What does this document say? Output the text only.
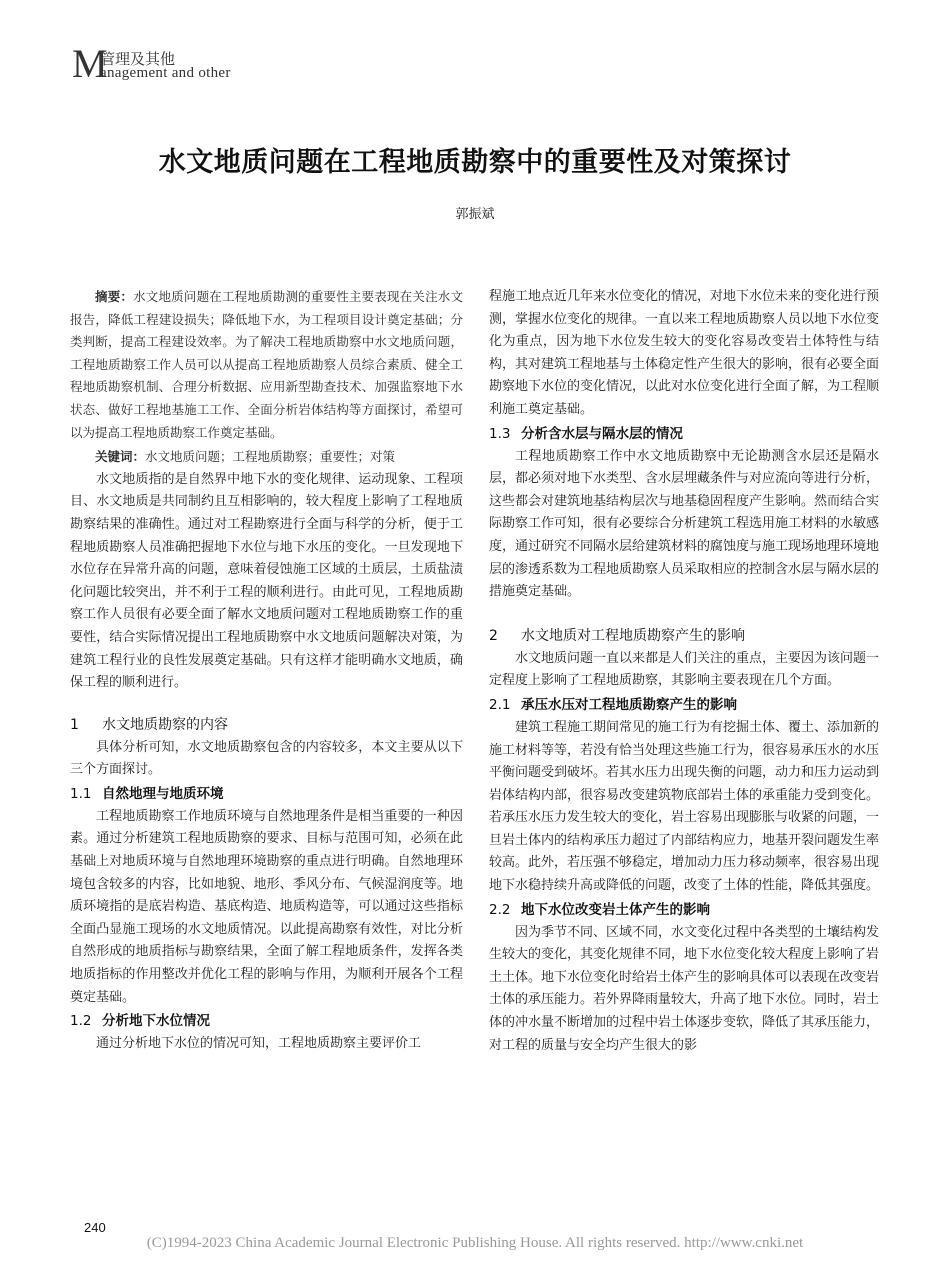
M
管理及其他
anagement and other
水文地质问题在工程地质勘察中的重要性及对策探讨
郭振斌

摘要：水文地质问题在工程地质勘测的重要性主要表现在关注水文报告，降低工程建设损失；降低地下水，为工程项目设计奠定基础；分类判断，提高工程建设效率。为了解决工程地质勘察中水文地质问题，工程地质勘察工作人员可以从提高工程地质勘察人员综合素质、健全工程地质勘察机制、合理分析数据、应用新型勘查技术、加强监察地下水状态、做好工程地基施工工作、全面分析岩体结构等方面探讨，希望可以为提高工程地质勘察工作奠定基础。

关键词：水文地质问题；工程地质勘察；重要性；对策

水文地质指的是自然界中地下水的变化规律、运动现象、工程项目、水文地质是共同制约且互相影响的，较大程度上影响了工程地质勘察结果的准确性。通过对工程勘察进行全面与科学的分析，便于工程地质勘察人员准确把握地下水位与地下水压的变化。一旦发现地下水位存在异常升高的问题，意味着侵蚀施工区域的土质层，土质盐渍化问题比较突出，并不利于工程的顺利进行。由此可见，工程地质勘察工作人员很有必要全面了解水文地质问题对工程地质勘察工作的重要性，结合实际情况提出工程地质勘察中水文地质问题解决对策，为建筑工程行业的良性发展奠定基础。只有这样才能明确水文地质，确保工程的顺利进行。

1 水文地质勘察的内容

具体分析可知，水文地质勘察包含的内容较多，本文主要从以下三个方面探讨。

1.1 自然地理与地质环境

工程地质勘察工作地质环境与自然地理条件是相当重要的一种因素。通过分析建筑工程地质勘察的要求、目标与范围可知，必须在此基础上对地质环境与自然地理环境勘察的重点进行明确。自然地理环境包含较多的内容，比如地貌、地形、季风分布、气候湿润度等。地质环境指的是底岩构造、基底构造、地质构造等，可以通过这些指标全面凸显施工现场的水文地质情况。以此提高勘察有效性，对比分析自然形成的地质指标与勘察结果，全面了解工程地质条件，发挥各类地质指标的作用整改并优化工程的影响与作用，为顺利开展各个工程奠定基础。

1.2 分析地下水位情况

通过分析地下水位的情况可知，工程地质勘察主要评价工

程施工地点近几年来水位变化的情况，对地下水位未来的变化进行预测，掌握水位变化的规律。一直以来工程地质勘察人员以地下水位变化为重点，因为地下水位发生较大的变化容易改变岩土体特性与结构，其对建筑工程地基与土体稳定性产生很大的影响，很有必要全面勘察地下水位的变化情况，以此对水位变化进行全面了解，为工程顺利施工奠定基础。

1.3 分析含水层与隔水层的情况

工程地质勘察工作中水文地质勘察中无论勘测含水层还是隔水层，都必须对地下水类型、含水层埋藏条件与对应流向等进行分析，这些都会对建筑地基结构层次与地基稳固程度产生影响。然而结合实际勘察工作可知，很有必要综合分析建筑工程选用施工材料的水敏感度，通过研究不同隔水层给建筑材料的腐蚀度与施工现场地理环境地层的渗透系数为工程地质勘察人员采取相应的控制含水层与隔水层的措施奠定基础。

2 水文地质对工程地质勘察产生的影响

水文地质问题一直以来都是人们关注的重点，主要因为该问题一定程度上影响了工程地质勘察，其影响主要表现在几个方面。

2.1 承压水压对工程地质勘察产生的影响

建筑工程施工期间常见的施工行为有挖掘土体、覆土、添加新的施工材料等等，若没有恰当处理这些施工行为，很容易承压水的水压平衡问题受到破坏。若其水压力出现失衡的问题，动力和压力运动到岩体结构内部，很容易改变建筑物底部岩土体的承重能力受到变化。若承压水压力发生较大的变化，岩土容易出现膨胀与收紧的问题，一旦岩土体内的结构承压力超过了内部结构应力，地基开裂问题发生率较高。此外，若压强不够稳定，增加动力压力移动频率，很容易出现地下水稳持续升高或降低的问题，改变了土体的性能，降低其强度。

2.2 地下水位改变岩土体产生的影响

因为季节不同、区域不同，水文变化过程中各类型的土壤结构发生较大的变化，其变化规律不同，地下水位变化较大程度上影响了岩土土体。地下水位变化时给岩土体产生的影响具体可以表现在改变岩土体的承压能力。若外界降雨量较大，升高了地下水位。同时，岩土体的冲水量不断增加的过程中岩土体逐步变软，降低了其承压能力，对工程的质量与安全均产生很大的影

240
(C)1994-2023 China Academic Journal Electronic Publishing House. All rights reserved. http://www.cnki.net
